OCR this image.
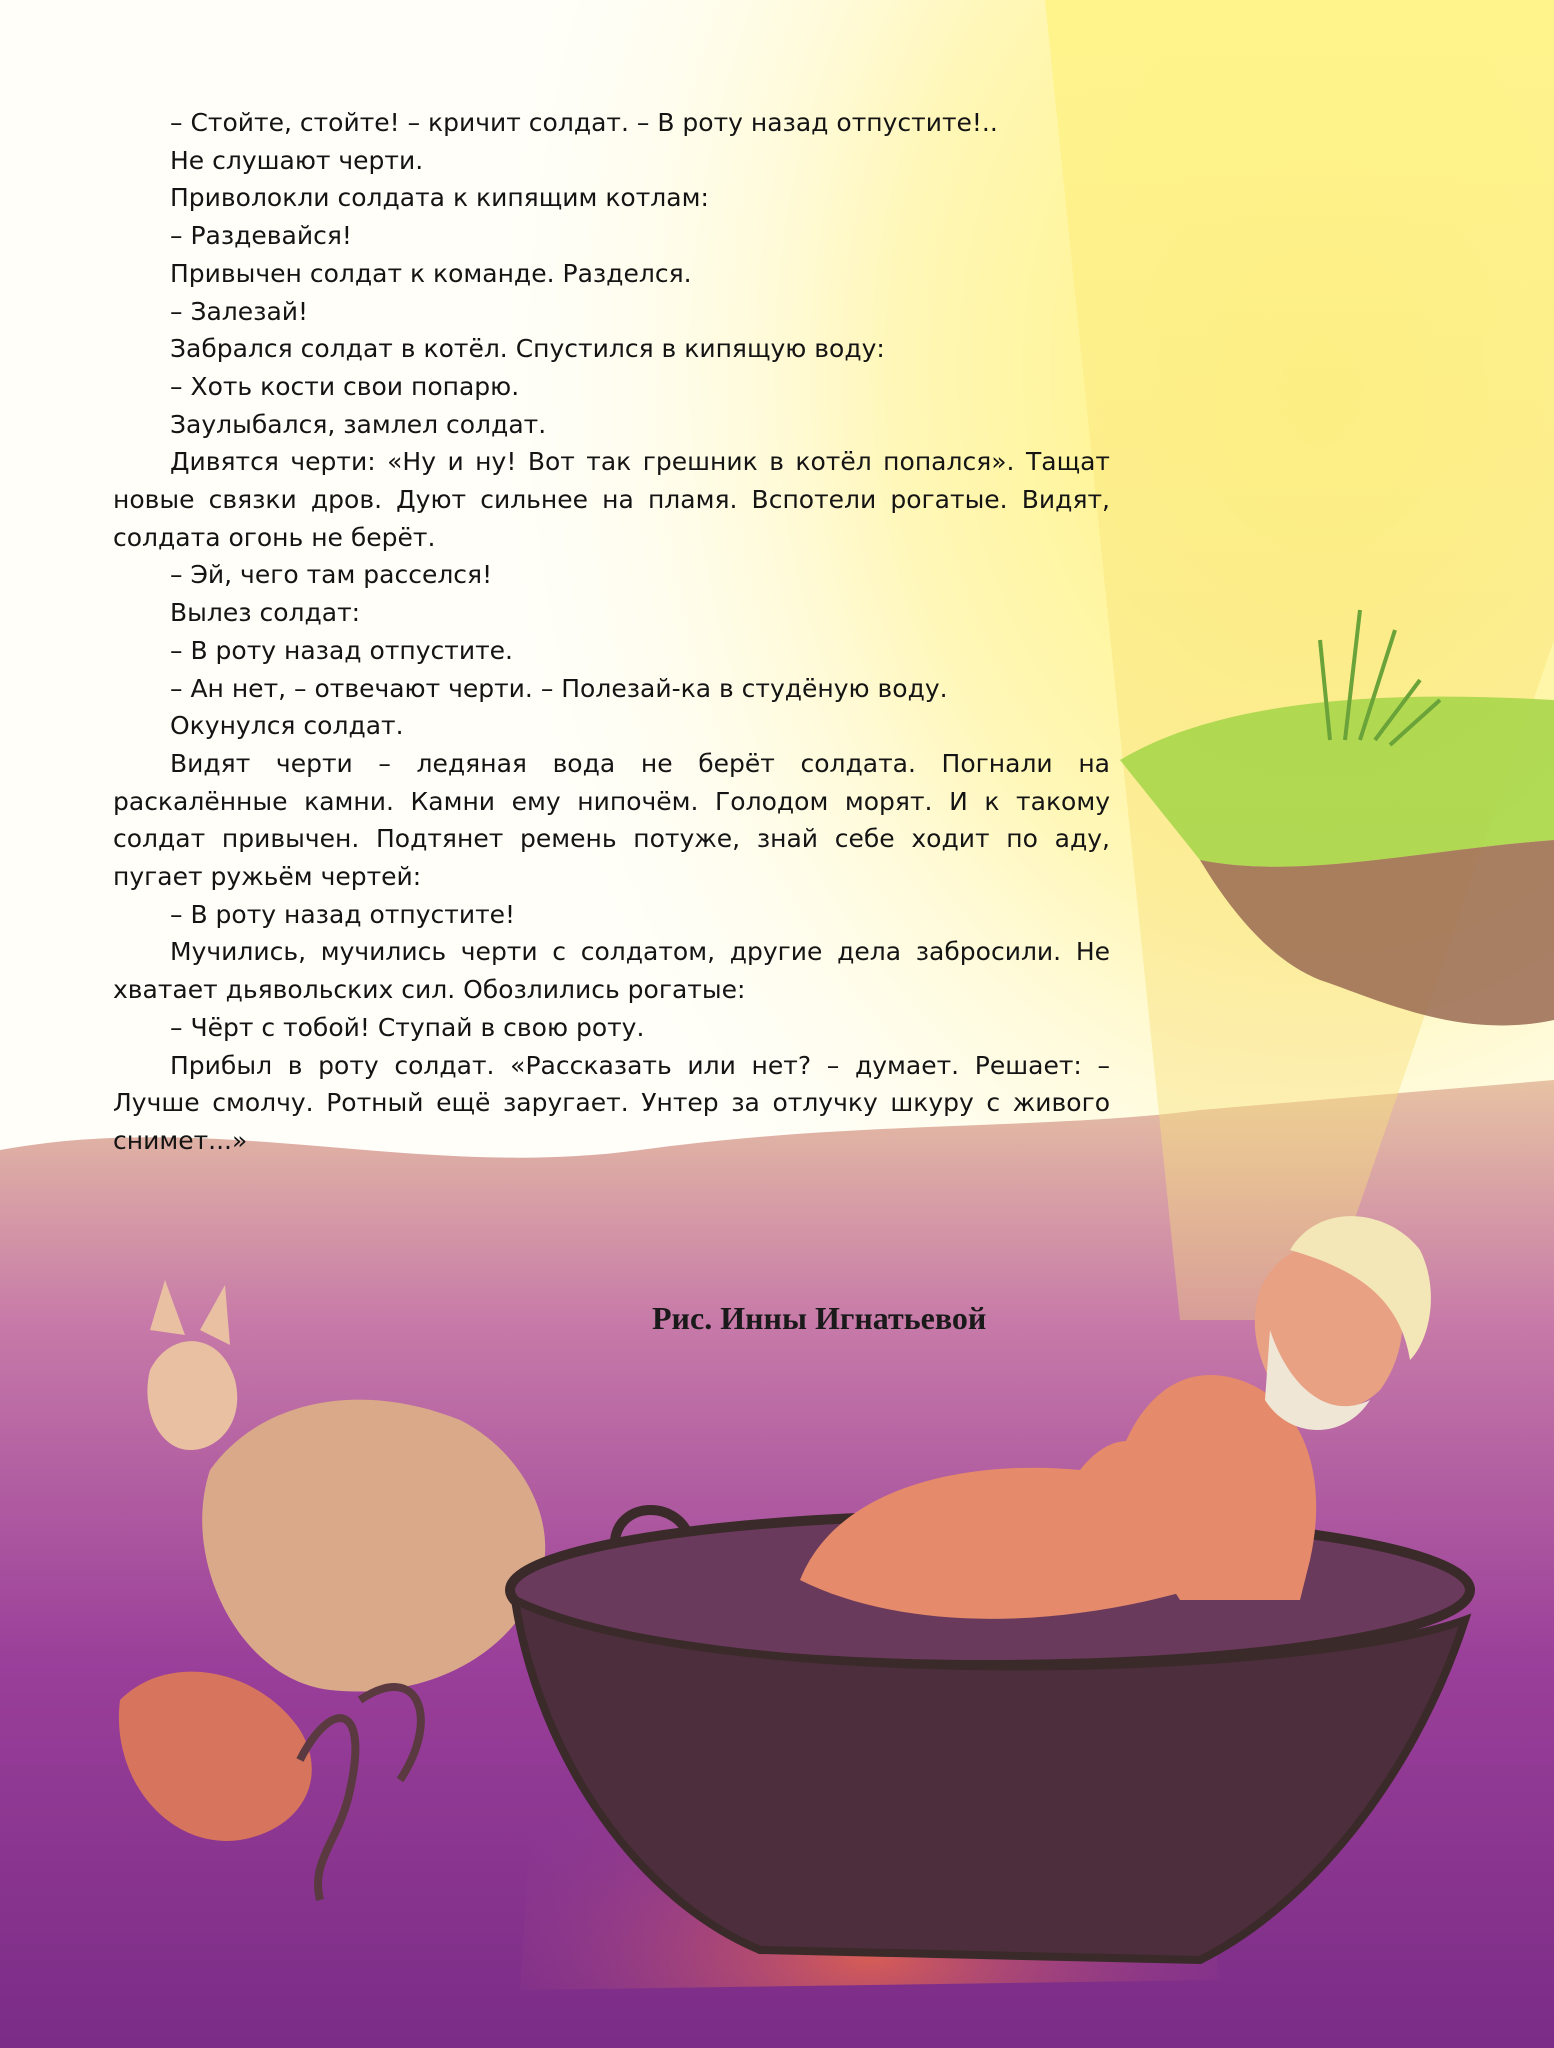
– Стойте, стойте! – кричит солдат. – В роту назад отпустите!..

Не слушают черти.

Приволокли солдата к кипящим котлам:

– Раздевайся!

Привычен солдат к команде. Разделся.

– Залезай!

Забрался солдат в котёл. Спустился в кипящую воду:

– Хоть кости свои попарю.

Заулыбался, замлел солдат.

Дивятся черти: «Ну и ну! Вот так грешник в котёл попался». Тащат новые связки дров. Дуют сильнее на пламя. Вспотели рогатые. Видят, солдата огонь не берёт.

– Эй, чего там расселся!

Вылез солдат:

– В роту назад отпустите.

– Ан нет, – отвечают черти. – Полезай-ка в студёную воду.

Окунулся солдат.

Видят черти – ледяная вода не берёт солдата. Погнали на раскалённые камни. Камни ему нипочём. Голодом морят. И к такому солдат привычен. Подтянет ремень потуже, знай себе ходит по аду, пугает ружьём чертей:

– В роту назад отпустите!

Мучились, мучились черти с солдатом, другие дела забросили. Не хватает дьявольских сил. Обозлились рогатые:

– Чёрт с тобой! Ступай в свою роту.

Прибыл в роту солдат. «Рассказать или нет? – думает. Решает: – Лучше смолчу. Ротный ещё заругает. Унтер за отлучку шкуру с живого снимет...»

Рис. Инны Игнатьевой
